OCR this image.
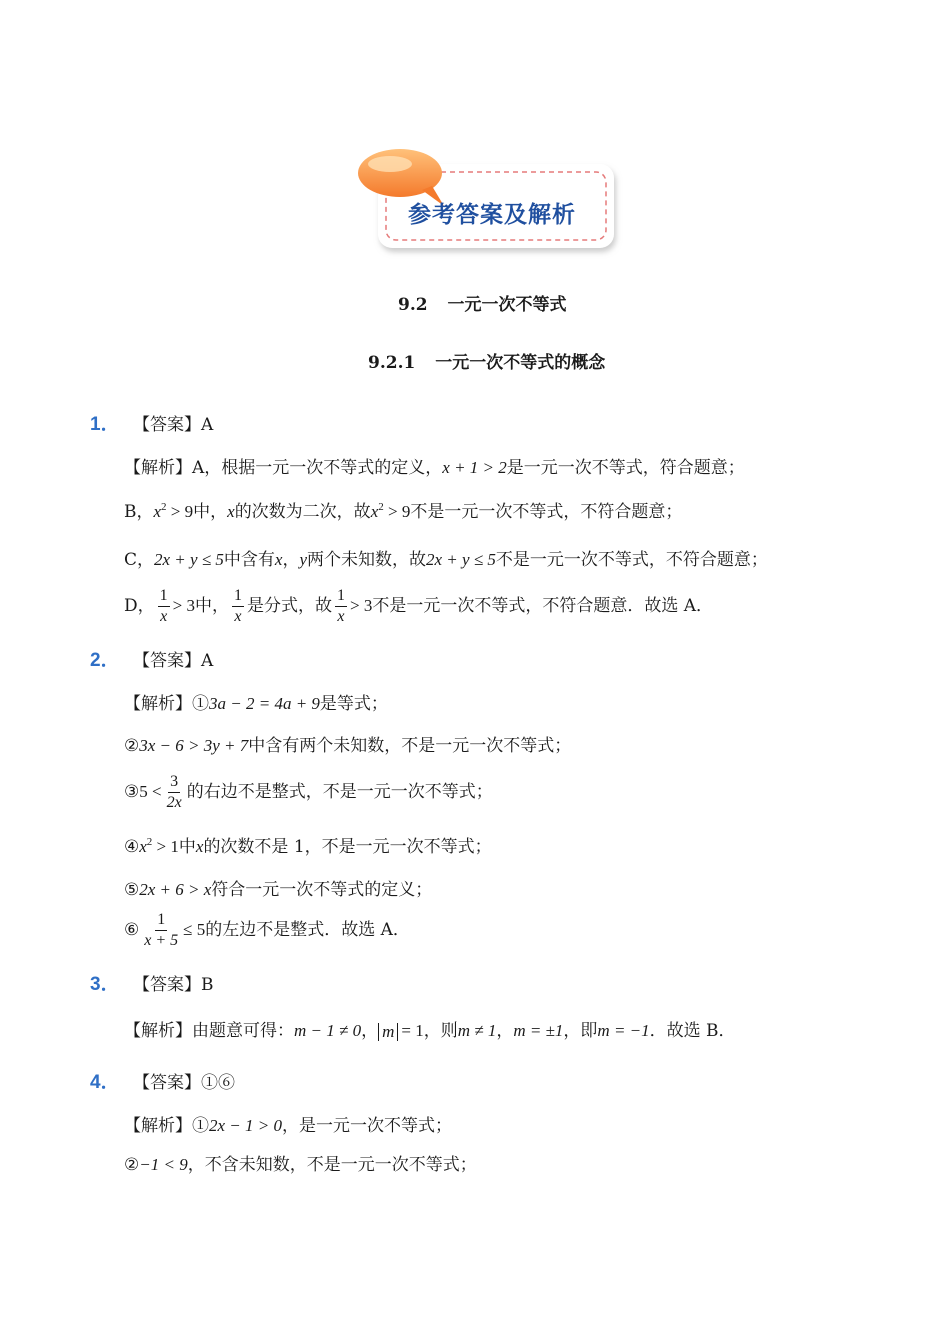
参考答案及解析
9.2 一元一次不等式
9.2.1 一元一次不等式的概念
1． 【答案】A
【解析】A，根据一元一次不等式的定义，x + 1 > 2是一元一次不等式，符合题意；
B，$x^2 > 9$中，x的次数为二次，故$x^2 > 9$不是一元一次不等式，不符合题意；
C，2x + y ≤ 5中含有x，y两个未知数，故2x + y ≤ 5不是一元一次不等式，不符合题意；
D， $\frac{1}{x} > 3$中， $\frac{1}{x}$ 是分式，故 $\frac{1}{x} > 3$不是一元一次不等式，不符合题意．故选 A．
2． 【答案】A
【解析】①3a − 2 = 4a + 9是等式；
②3x − 6 > 3y + 7中含有两个未知数，不是一元一次不等式；
③5 < $\frac{3}{2x}$ 的右边不是整式，不是一元一次不等式；
$④x^2 > 1$中x的次数不是 1，不是一元一次不等式；
⑤2x + 6 > x符合一元一次不等式的定义；
⑥ $\frac{1}{x + 5} \le 5$的左边不是整式．故选 A．
3． 【答案】B
【解析】由题意可得：m − 1 ≠ 0， m = 1，则m ≠ 1，m = ±1，即m = −1．故选 B．
4． 【答案】①⑥
【解析】①2x − 1 > 0，是一元一次不等式；
②−1 < 9，不含未知数，不是一元一次不等式；
